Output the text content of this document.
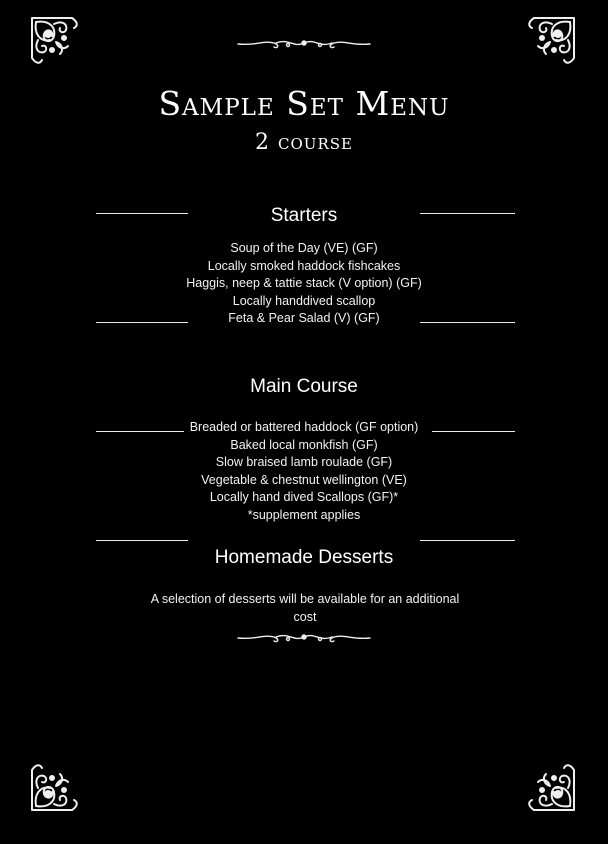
Sample Set Menu
2 course
Starters
Soup of the Day (VE) (GF)
Locally smoked haddock fishcakes
Haggis, neep & tattie stack (V option) (GF)
Locally handdived scallop
Feta & Pear Salad (V) (GF)
Main Course
Breaded or battered haddock (GF option)
Baked local monkfish (GF)
Slow braised lamb roulade (GF)
Vegetable & chestnut wellington (VE)
Locally hand dived Scallops (GF)*
*supplement applies
Homemade Desserts
A selection of desserts will be available for an additional cost
